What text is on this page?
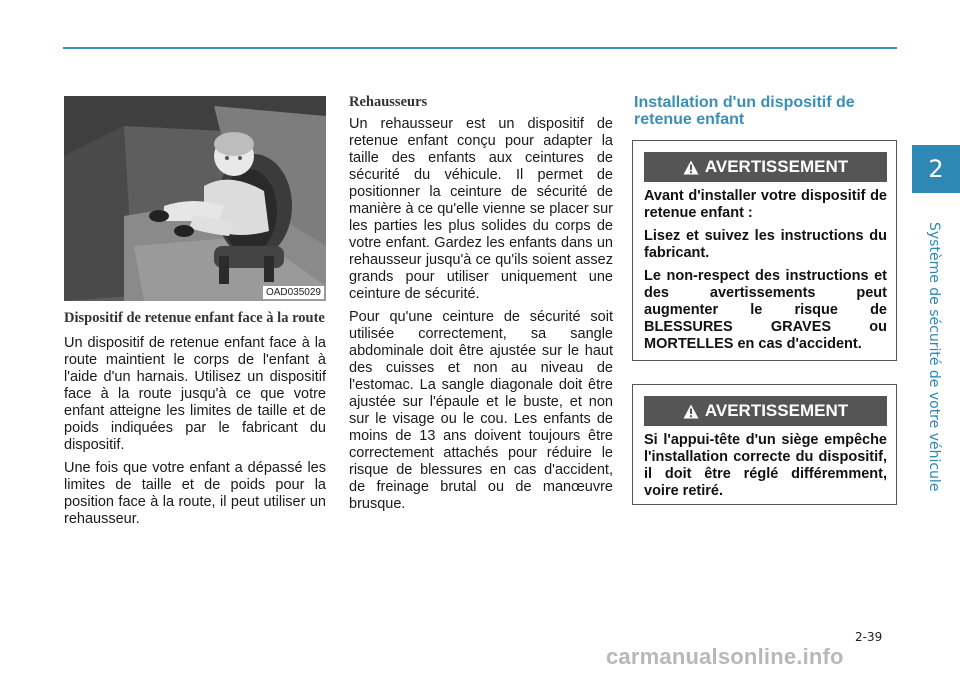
2
Système de sécurité de votre véhicule
OAD035029
Dispositif de retenue enfant face à la route

Un dispositif de retenue enfant face à la route maintient le corps de l'enfant à l'aide d'un harnais. Utilisez un dispositif face à la route jusqu'à ce que votre enfant atteigne les limites de taille et de poids indiquées par le fabricant du dispositif.

Une fois que votre enfant a dépassé les limites de taille et de poids pour la position face à la route, il peut utiliser un rehausseur.

Rehausseurs

Un rehausseur est un dispositif de retenue enfant conçu pour adapter la taille des enfants aux ceintures de sécurité du véhicule. Il permet de positionner la ceinture de sécurité de manière à ce qu'elle vienne se placer sur les parties les plus solides du corps de votre enfant. Gardez les enfants dans un rehausseur jusqu'à ce qu'ils soient assez grands pour utiliser uniquement une ceinture de sécurité.

Pour qu'une ceinture de sécurité soit utilisée correctement, sa sangle abdominale doit être ajustée sur le haut des cuisses et non au niveau de l'estomac. La sangle diagonale doit être ajustée sur l'épaule et le buste, et non sur le visage ou le cou. Les enfants de moins de 13 ans doivent toujours être correctement attachés pour réduire le risque de blessures en cas d'accident, de freinage brutal ou de manœuvre brusque.

Installation d'un dispositif de retenue enfant
AVERTISSEMENT

Avant d'installer votre dispositif de retenue enfant :

Lisez et suivez les instructions du fabricant.

Le non-respect des instructions et des avertissements peut augmenter le risque de BLESSURES GRAVES ou MORTELLES en cas d'accident.

AVERTISSEMENT

Si l'appui-tête d'un siège empêche l'installation correcte du dispositif, il doit être réglé différemment, voire retiré.

2-39
carmanualsonline.info
